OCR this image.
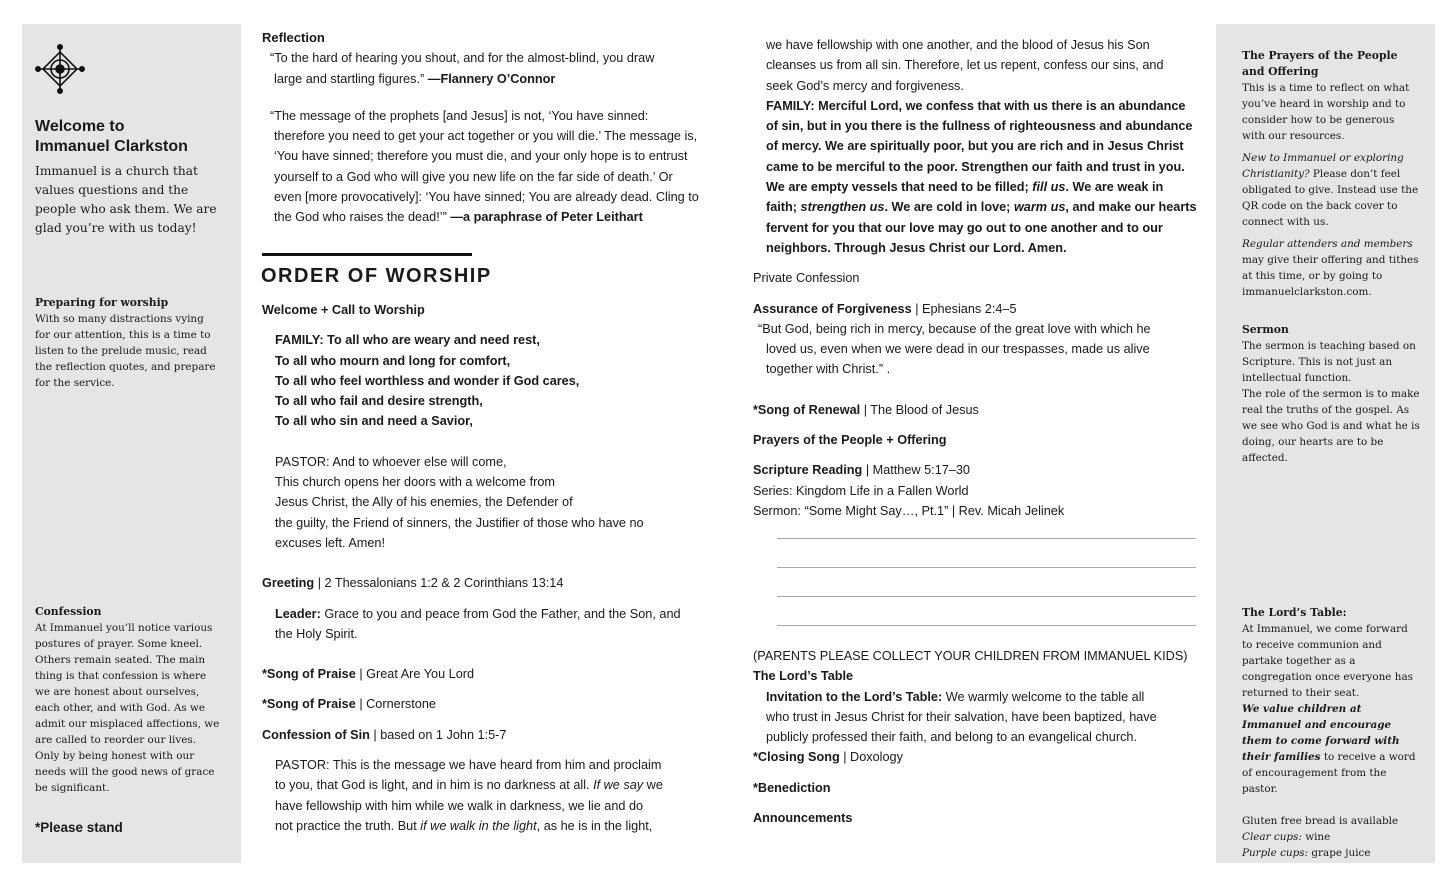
Welcome to
Immanuel Clarkston
Immanuel is a church that values questions and the people who ask them. We are glad you’re with us today!
Preparing for worship
With so many distractions vying for our attention, this is a time to listen to the prelude music, read the reflection quotes, and prepare for the service.
Confession
At Immanuel you’ll notice various postures of prayer. Some kneel. Others remain seated. The main thing is that confession is where we are honest about ourselves, each other, and with God. As we admit our misplaced affections, we are called to reorder our lives. Only by being honest with our needs will the good news of grace be significant.
*Please stand
Reflection

“To the hard of hearing you shout, and for the almost-blind, you draw large and startling figures.” —Flannery O’Connor

“The message of the prophets [and Jesus] is not, ‘You have sinned: therefore you need to get your act together or you will die.’ The message is, ‘You have sinned; therefore you must die, and your only hope is to entrust yourself to a God who will give you new life on the far side of death.’ Or even [more provocatively]: ‘You have sinned; You are already dead. Cling to the God who raises the dead!’” —a paraphrase of Peter Leithart

ORDER OF WORSHIP
Welcome + Call to Worship
FAMILY: To all who are weary and need rest,
To all who mourn and long for comfort,
To all who feel worthless and wonder if God cares,
To all who fail and desire strength,
To all who sin and need a Savior,
PASTOR: And to whoever else will come,
This church opens her doors with a welcome from
Jesus Christ, the Ally of his enemies, the Defender of
the guilty, the Friend of sinners, the Justifier of those who have no
excuses left. Amen!
Greeting | 2 Thessalonians 1:2 & 2 Corinthians 13:14
Leader: Grace to you and peace from God the Father, and the Son, and the Holy Spirit.
*Song of Praise | Great Are You Lord
*Song of Praise | Cornerstone
Confession of Sin | based on 1 John 1:5-7
PASTOR: This is the message we have heard from him and proclaim
to you, that God is light, and in him is no darkness at all. If we say we
have fellowship with him while we walk in darkness, we lie and do
not practice the truth. But if we walk in the light, as he is in the light,
we have fellowship with one another, and the blood of Jesus his Son
cleanses us from all sin. Therefore, let us repent, confess our sins, and
seek God’s mercy and forgiveness.
FAMILY: Merciful Lord, we confess that with us there is an abundance
of sin, but in you there is the fullness of righteousness and abundance
of mercy. We are spiritually poor, but you are rich and in Jesus Christ
came to be merciful to the poor. Strengthen our faith and trust in you.
We are empty vessels that need to be filled; fill us. We are weak in
faith; strengthen us. We are cold in love; warm us, and make our hearts
fervent for you that our love may go out to one another and to our
neighbors. Through Jesus Christ our Lord. Amen.
Private Confession
Assurance of Forgiveness | Ephesians 2:4–5
“But God, being rich in mercy, because of the great love with which he
loved us, even when we were dead in our trespasses, made us alive
together with Christ.” .
*Song of Renewal | The Blood of Jesus
Prayers of the People + Offering
Scripture Reading | Matthew 5:17–30
Series: Kingdom Life in a Fallen World
Sermon: “Some Might Say…, Pt.1” | Rev. Micah Jelinek
(PARENTS PLEASE COLLECT YOUR CHILDREN FROM IMMANUEL KIDS)
The Lord’s Table
Invitation to the Lord’s Table: We warmly welcome to the table all
who trust in Jesus Christ for their salvation, have been baptized, have
publicly professed their faith, and belong to an evangelical church.
*Closing Song | Doxology
*Benediction
Announcements
The Prayers of the People
and Offering
This is a time to reflect on what you’ve heard in worship and to consider how to be generous with our resources.
New to Immanuel or exploring Christianity? Please don’t feel obligated to give. Instead use the QR code on the back cover to connect with us.
Regular attenders and members may give their offering and tithes at this time, or by going to immanuelclarkston.com.
Sermon
The sermon is teaching based on Scripture. This is not just an intellectual function.
The role of the sermon is to make real the truths of the gospel. As we see who God is and what he is doing, our hearts are to be affected.
The Lord’s Table:
At Immanuel, we come forward to receive communion and partake together as a congregation once everyone has returned to their seat.
We value children at Immanuel and encourage them to come forward with their families to receive a word of encouragement from the pastor.
Gluten free bread is available
Clear cups: wine
Purple cups: grape juice
